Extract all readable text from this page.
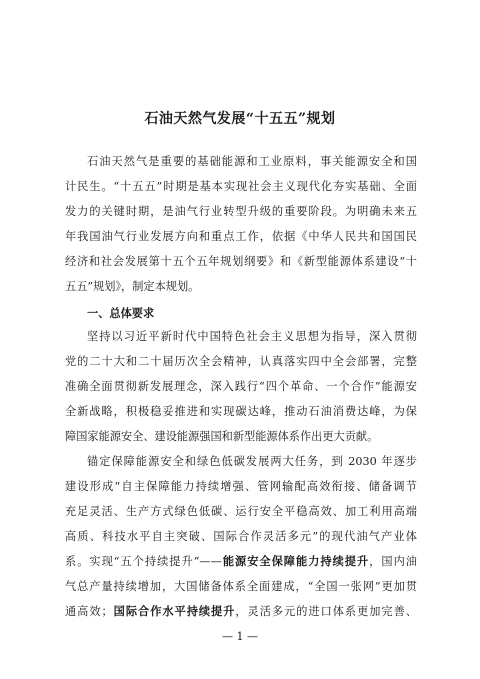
石油天然气发展“十五五”规划
石油天然气是重要的基础能源和工业原料，事关能源安全和国
计民生。“十五五”时期是基本实现社会主义现代化夯实基础、全面
发力的关键时期，是油气行业转型升级的重要阶段。为明确未来五
年我国油气行业发展方向和重点工作，依据《中华人民共和国国民
经济和社会发展第十五个五年规划纲要》和《新型能源体系建设“十
五五”规划》，制定本规划。
一、总体要求
坚持以习近平新时代中国特色社会主义思想为指导，深入贯彻
党的二十大和二十届历次全会精神，认真落实四中全会部署，完整
准确全面贯彻新发展理念，深入践行“四个革命、一个合作”能源安
全新战略，积极稳妥推进和实现碳达峰，推动石油消费达峰，为保
障国家能源安全、建设能源强国和新型能源体系作出更大贡献。
锚定保障能源安全和绿色低碳发展两大任务，到 2030 年逐步
建设形成“自主保障能力持续增强、管网输配高效衔接、储备调节
充足灵活、生产方式绿色低碳、运行安全平稳高效、加工利用高端
高质、科技水平自主突破、国际合作灵活多元”的现代油气产业体
系。实现“五个持续提升”——能源安全保障能力持续提升，国内油
气总产量持续增加，大国储备体系全面建成，“全国一张网”更加贯
通高效；国际合作水平持续提升，灵活多元的进口体系更加完善、
— 1 —
